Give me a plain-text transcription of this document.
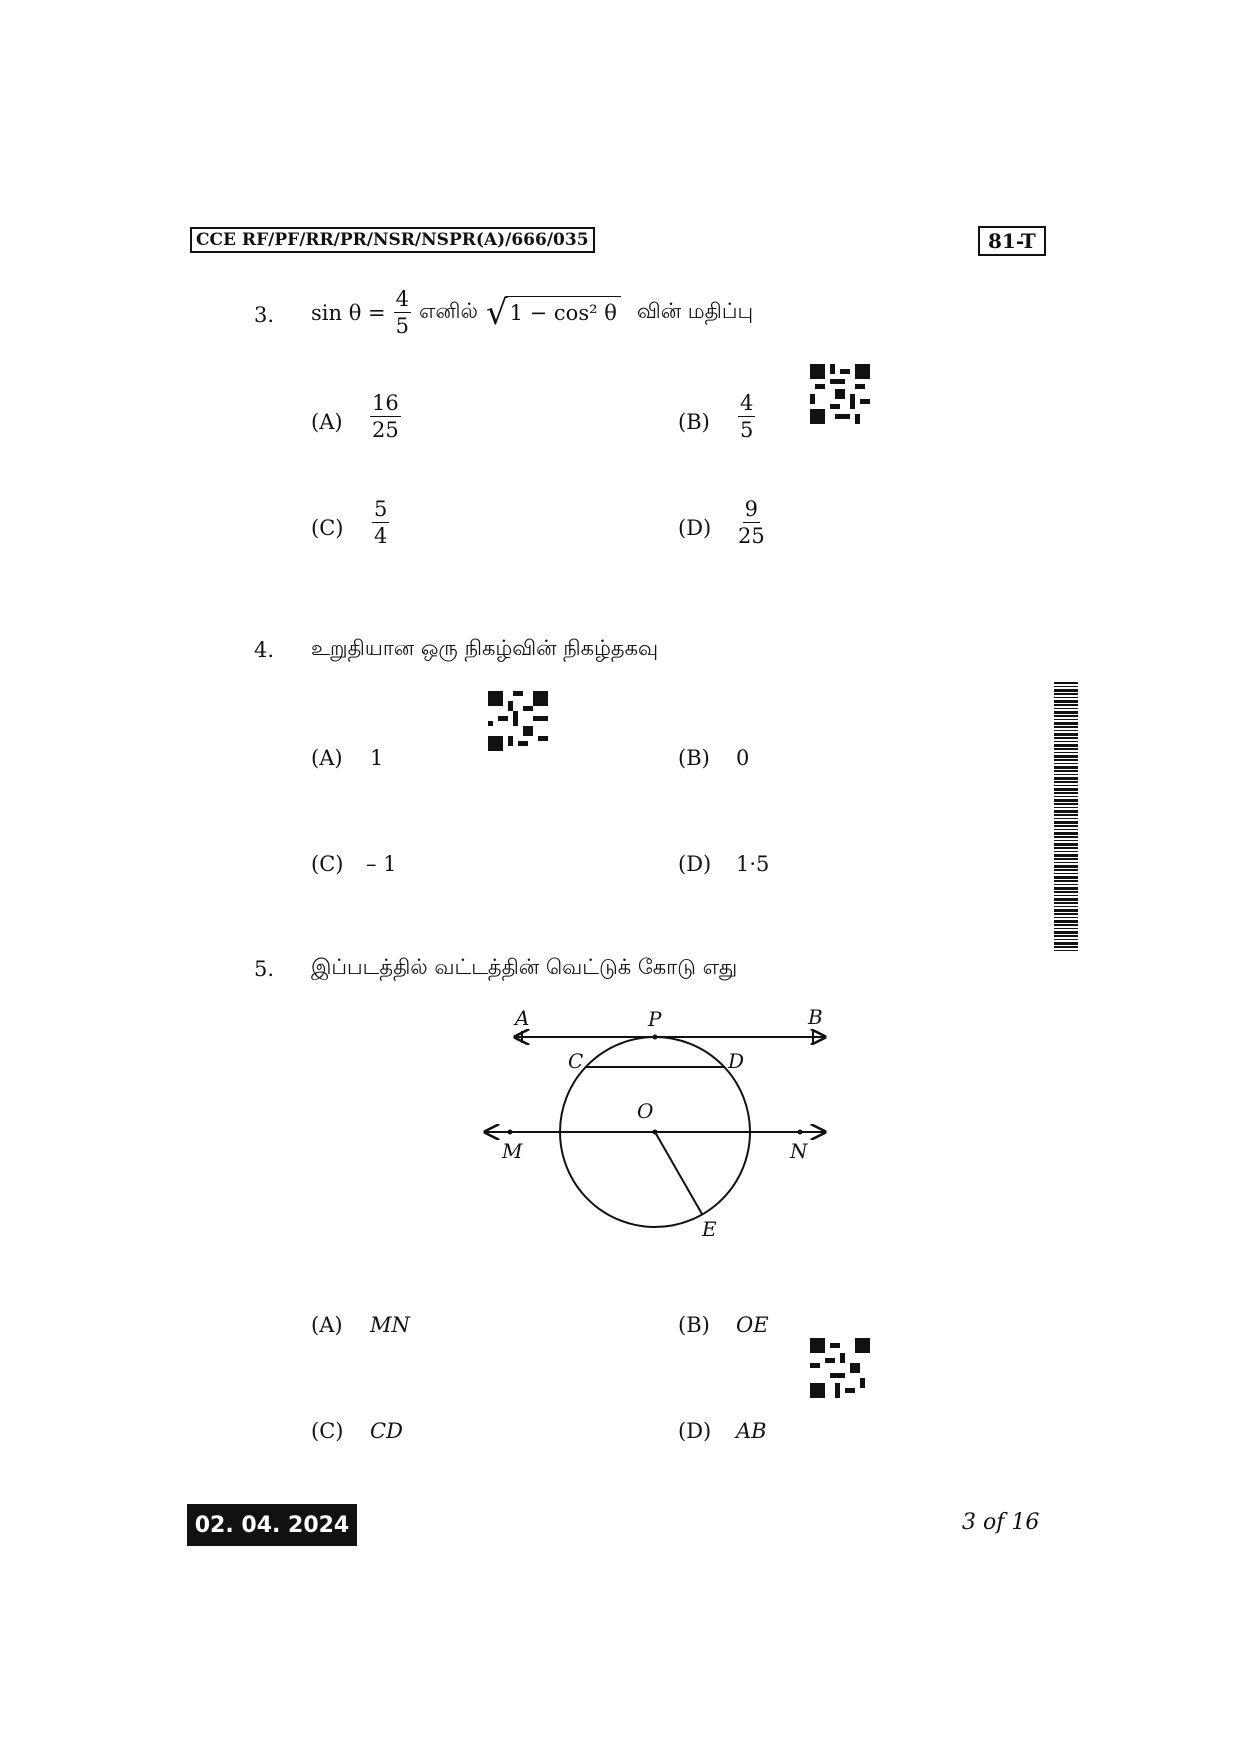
CCE RF/PF/RR/PR/NSR/NSPR(A)/666/035	81-T
3. $\sin \theta = \frac{4}{5}$ எனில் √ 1 − cos² θ வின் மதிப்பு
$(A) \frac{16}{25}$	$(B) \frac{4}{5}$
$(C) \frac{5}{4}$	$(D) \frac{9}{25}$
4. உறுதியான ஒரு நிகழ்வின் நிகழ்தகவு
(A) 1	(B) 0
(C) – 1	(D) 1·5
5. இப்படத்தில் வட்டத்தின் வெட்டுக் கோடு எது
A	P	B
C	D
O
M	N
E
(A) MN	(B) OE
(C) CD	(D) AB
02. 04. 2024	3 of 16
